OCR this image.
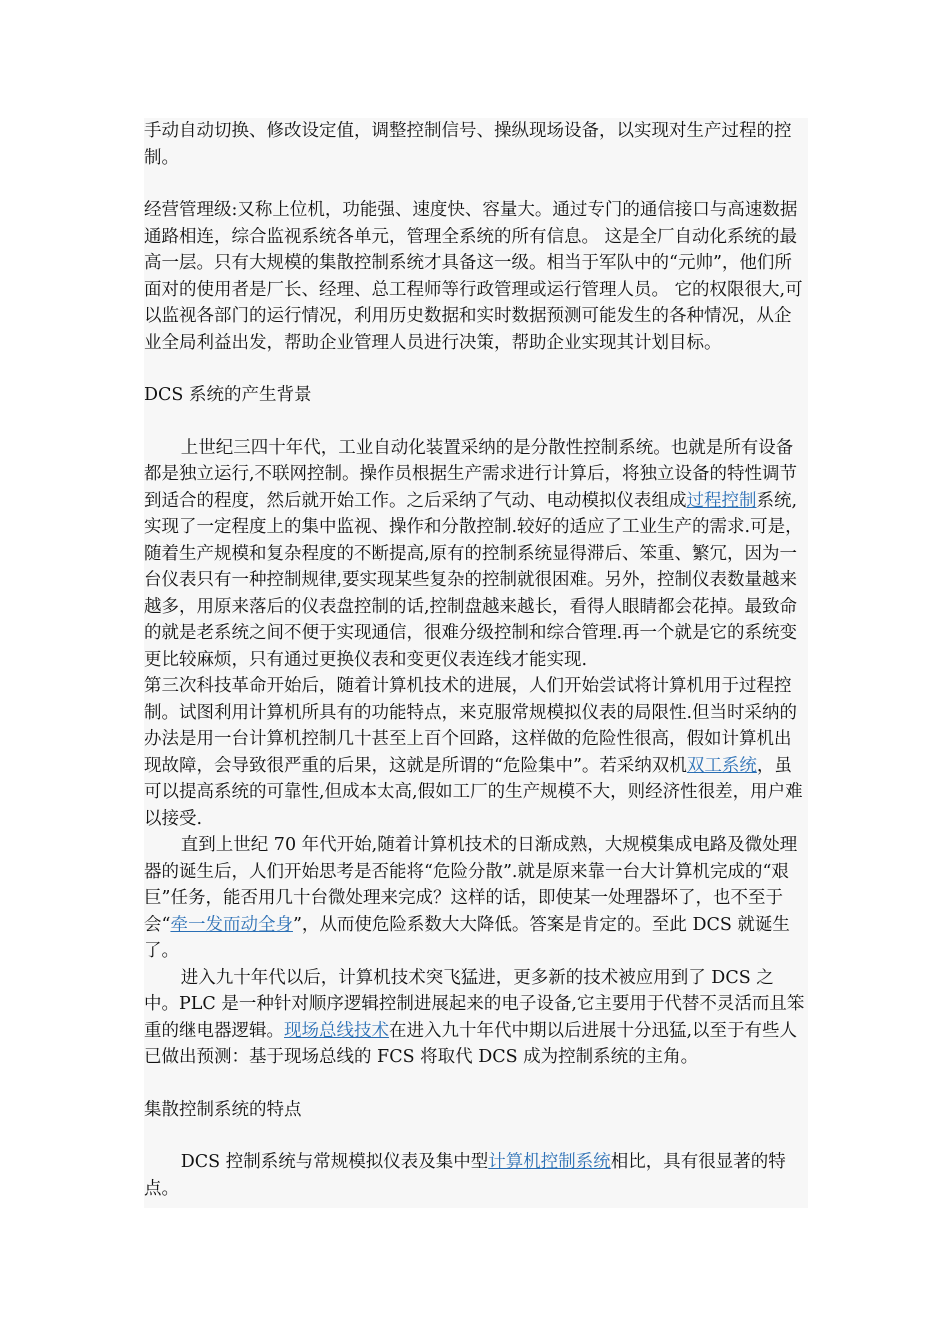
手动自动切换、修改设定值，调整控制信号、操纵现场设备，以实现对生产过程的控制。

经营管理级:又称上位机，功能强、速度快、容量大。通过专门的通信接口与高速数据通路相连，综合监视系统各单元，管理全系统的所有信息。 这是全厂自动化系统的最高一层。只有大规模的集散控制系统才具备这一级。相当于军队中的“元帅”，他们所面对的使用者是厂长、经理、总工程师等行政管理或运行管理人员。 它的权限很大,可以监视各部门的运行情况，利用历史数据和实时数据预测可能发生的各种情况，从企业全局利益出发，帮助企业管理人员进行决策，帮助企业实现其计划目标。

DCS 系统的产生背景

上世纪三四十年代，工业自动化装置采纳的是分散性控制系统。也就是所有设备都是独立运行,不联网控制。操作员根据生产需求进行计算后，将独立设备的特性调节到适合的程度，然后就开始工作。之后采纳了气动、电动模拟仪表组成过程控制系统,实现了一定程度上的集中监视、操作和分散控制.较好的适应了工业生产的需求.可是，随着生产规模和复杂程度的不断提高,原有的控制系统显得滞后、笨重、繁冗，因为一台仪表只有一种控制规律,要实现某些复杂的控制就很困难。另外，控制仪表数量越来越多，用原来落后的仪表盘控制的话,控制盘越来越长，看得人眼睛都会花掉。最致命的就是老系统之间不便于实现通信，很难分级控制和综合管理.再一个就是它的系统变更比较麻烦，只有通过更换仪表和变更仪表连线才能实现.

第三次科技革命开始后，随着计算机技术的进展，人们开始尝试将计算机用于过程控制。试图利用计算机所具有的功能特点，来克服常规模拟仪表的局限性.但当时采纳的办法是用一台计算机控制几十甚至上百个回路，这样做的危险性很高，假如计算机出现故障，会导致很严重的后果，这就是所谓的“危险集中”。若采纳双机双工系统，虽可以提高系统的可靠性,但成本太高,假如工厂的生产规模不大，则经济性很差，用户难以接受.

直到上世纪 70 年代开始,随着计算机技术的日渐成熟，大规模集成电路及微处理器的诞生后，人们开始思考是否能将“危险分散”.就是原来靠一台大计算机完成的“艰巨”任务，能否用几十台微处理来完成？这样的话，即使某一处理器坏了，也不至于会“牵一发而动全身”，从而使危险系数大大降低。答案是肯定的。至此 DCS 就诞生了。

进入九十年代以后，计算机技术突飞猛进，更多新的技术被应用到了 DCS 之中。PLC 是一种针对顺序逻辑控制进展起来的电子设备,它主要用于代替不灵活而且笨重的继电器逻辑。现场总线技术在进入九十年代中期以后进展十分迅猛,以至于有些人已做出预测：基于现场总线的 FCS 将取代 DCS 成为控制系统的主角。

集散控制系统的特点

DCS 控制系统与常规模拟仪表及集中型计算机控制系统相比，具有很显著的特点。
